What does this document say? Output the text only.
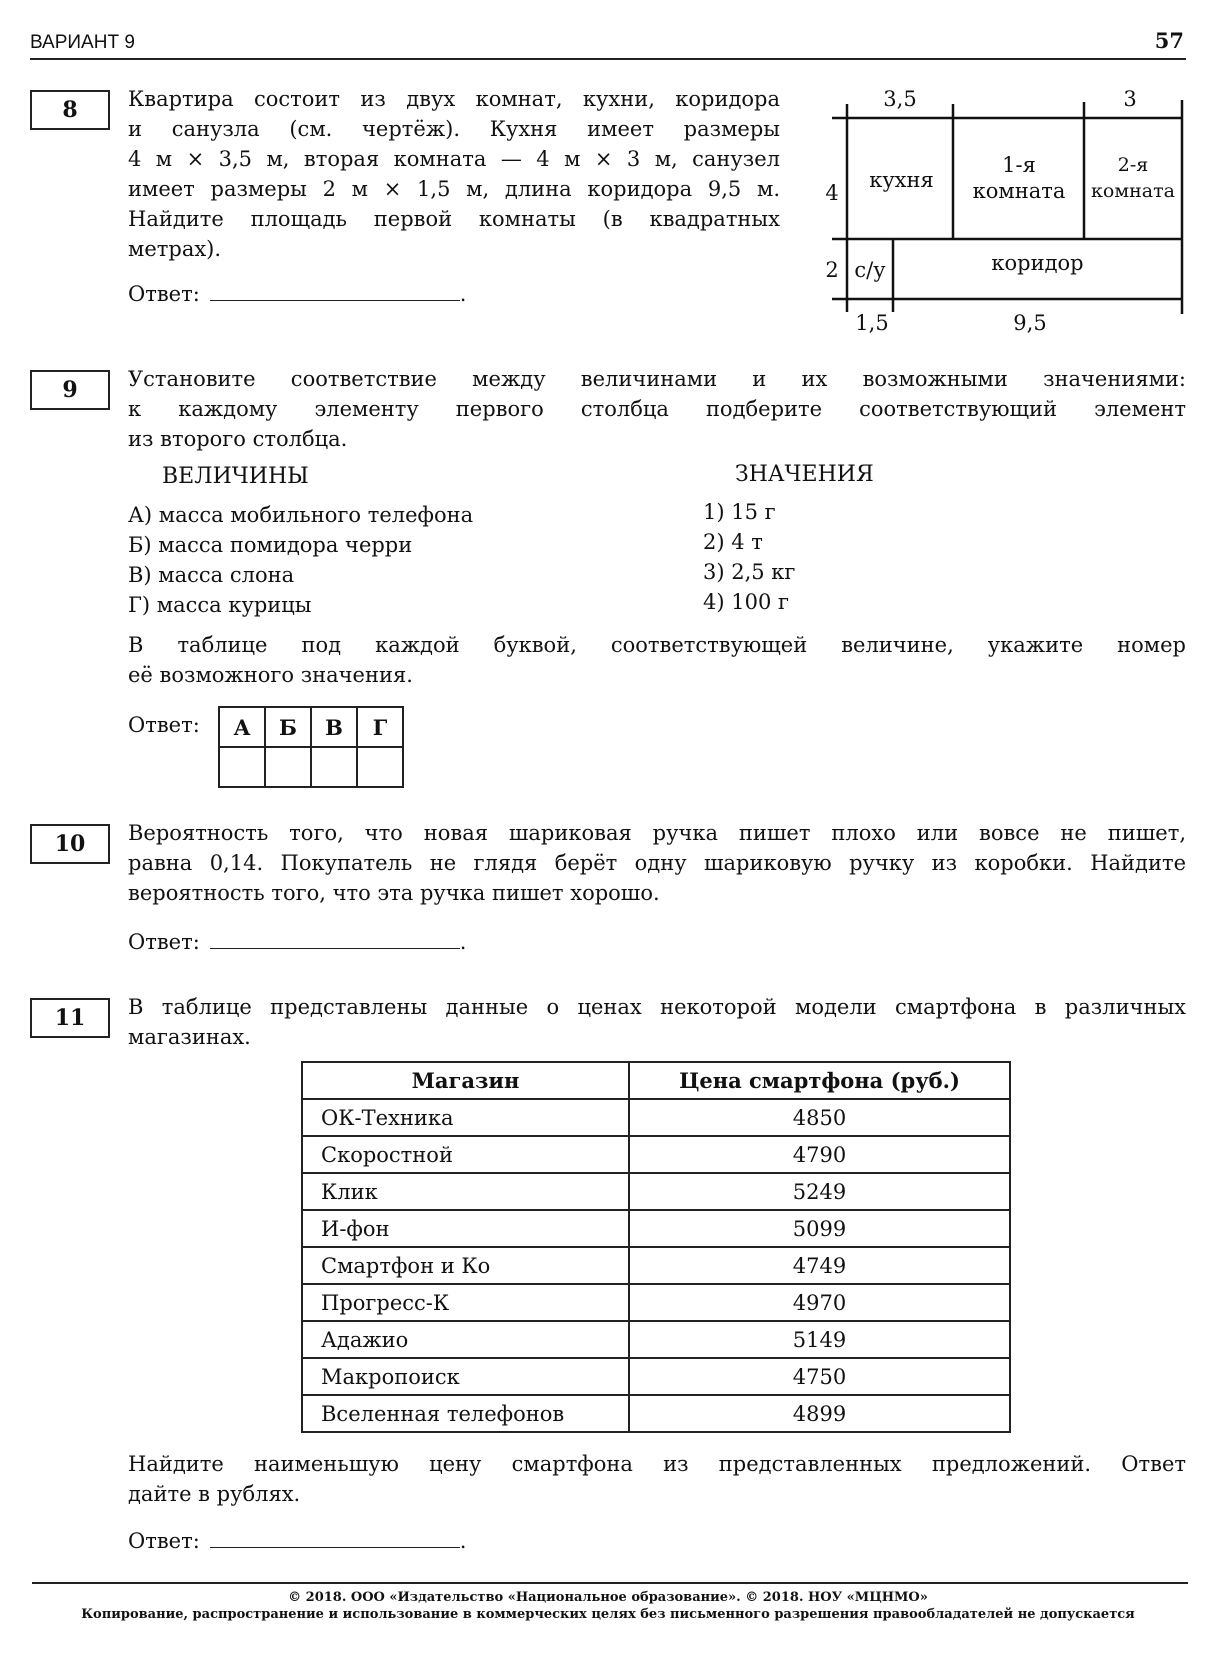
ВАРИАНТ 9	57
8	Квартира состоит из двух комнат, кухни, коридора
и санузла (см. чертёж). Кухня имеет размеры
4 м × 3,5 м, вторая комната — 4 м × 3 м, санузел
имеет размеры 2 м × 1,5 м, длина коридора 9,5 м.
Найдите площадь первой комнаты (в квадратных
метрах).
Ответ:	.
3,5	3
4
2
1,5	9,5
кухня
1-я
комната
2-я
комната
с/у	коридор
9	Установите соответствие между величинами и их возможными значениями:
к каждому элементу первого столбца подберите соответствующий элемент
из второго столбца.
ВЕЛИЧИНЫ	ЗНАЧЕНИЯ
А) масса мобильного телефона
Б) масса помидора черри
В) масса слона
Г) масса курицы
1) 15 г
2) 4 т
3) 2,5 кг
4) 100 г
В таблице под каждой буквой, соответствующей величине, укажите номер
её возможного значения.
Ответ: А	Б	В	Г

10	Вероятность того, что новая шариковая ручка пишет плохо или вовсе не пишет,
равна 0,14. Покупатель не глядя берёт одну шариковую ручку из коробки. Найдите
вероятность того, что эта ручка пишет хорошо.
Ответ:	.
11	В таблице представлены данные о ценах некоторой модели смартфона в различных
магазинах.
Магазин	Цена смартфона (руб.)
ОК-Техника	4850
Скоростной	4790
Клик	5249
И-фон	5099
Смартфон и Ко	4749
Прогресс-К	4970
Адажио	5149
Макропоиск	4750
Вселенная телефонов	4899
Найдите наименьшую цену смартфона из представленных предложений. Ответ
дайте в рублях.
Ответ:	.
© 2018. ООО «Издательство «Национальное образование». © 2018. НОУ «МЦНМО»
Копирование, распространение и использование в коммерческих целях без письменного разрешения правообладателей не допускается
